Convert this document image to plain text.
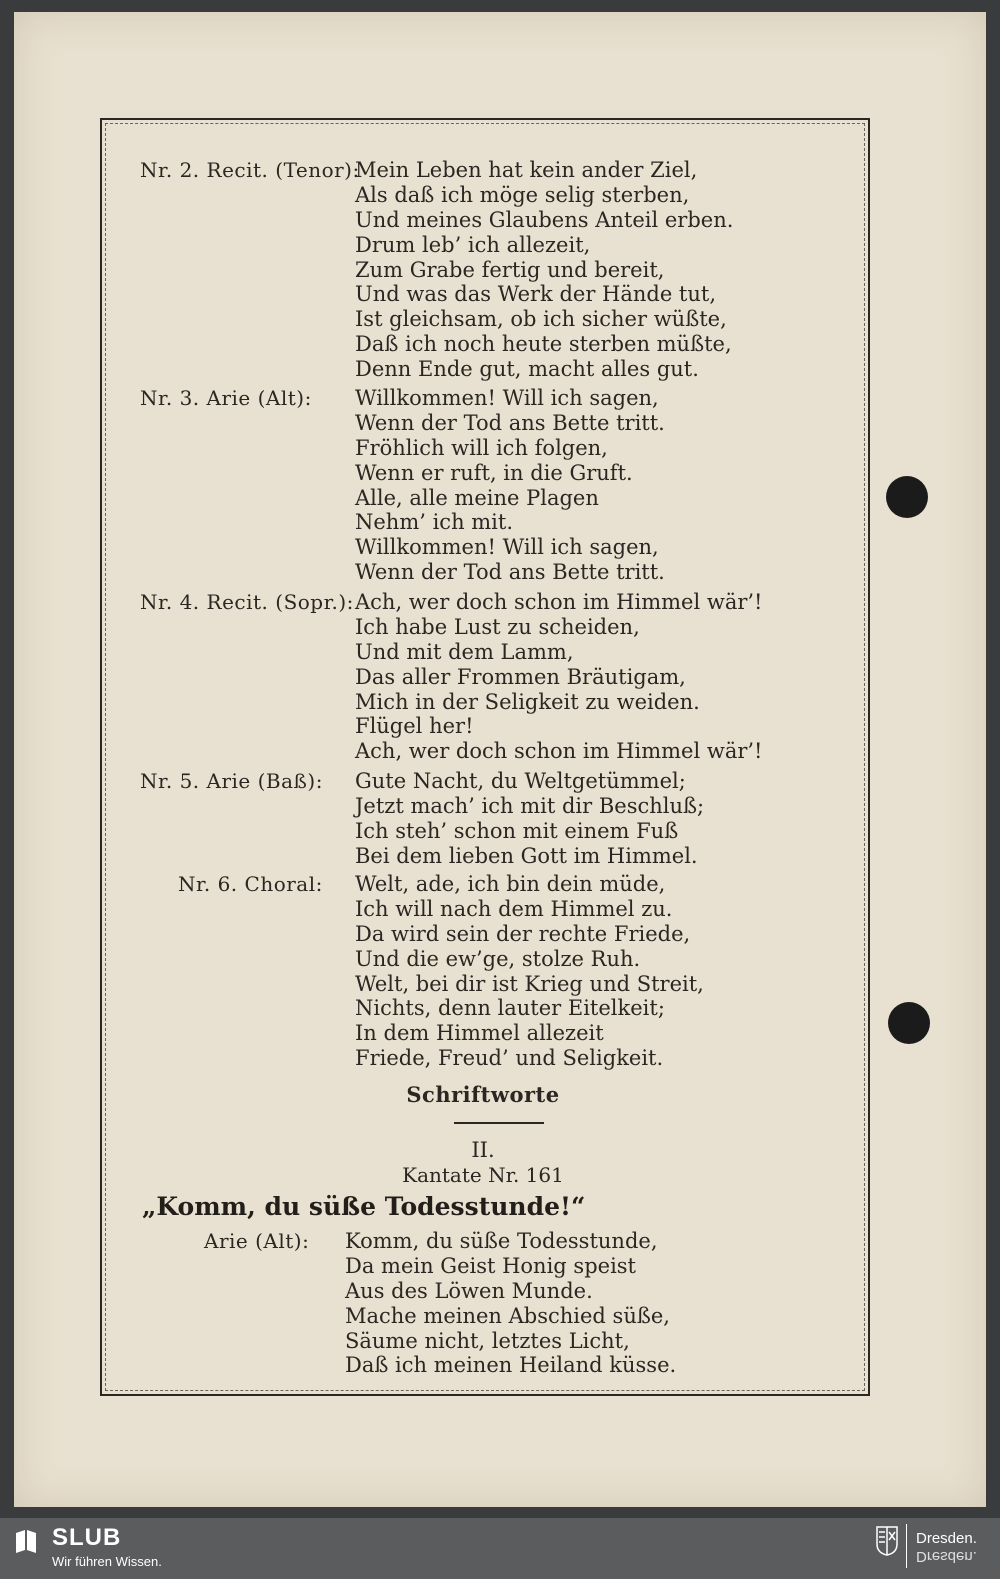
Nr. 2. Recit. (Tenor):
Mein Leben hat kein ander Ziel,
Als daß ich möge selig sterben,
Und meines Glaubens Anteil erben.
Drum leb’ ich allezeit,
Zum Grabe fertig und bereit,
Und was das Werk der Hände tut,
Ist gleichsam, ob ich sicher wüßte,
Daß ich noch heute sterben müßte,
Denn Ende gut, macht alles gut.
Nr. 3. Arie (Alt): Willkommen! Will ich sagen,
Wenn der Tod ans Bette tritt.
Fröhlich will ich folgen,
Wenn er ruft, in die Gruft.
Alle, alle meine Plagen
Nehm’ ich mit.
Willkommen! Will ich sagen,
Wenn der Tod ans Bette tritt.
Nr. 4. Recit. (Sopr.): Ach, wer doch schon im Himmel wär’!
Ich habe Lust zu scheiden,
Und mit dem Lamm,
Das aller Frommen Bräutigam,
Mich in der Seligkeit zu weiden.
Flügel her!
Ach, wer doch schon im Himmel wär’!
Nr. 5. Arie (Baß): Gute Nacht, du Weltgetümmel;
Jetzt mach’ ich mit dir Beschluß;
Ich steh’ schon mit einem Fuß
Bei dem lieben Gott im Himmel.
Nr. 6. Choral: Welt, ade, ich bin dein müde,
Ich will nach dem Himmel zu.
Da wird sein der rechte Friede,
Und die ew’ge, stolze Ruh.
Welt, bei dir ist Krieg und Streit,
Nichts, denn lauter Eitelkeit;
In dem Himmel allezeit
Friede, Freud’ und Seligkeit.
Schriftworte
II.
Kantate Nr. 161
„Komm, du süße Todesstunde!“
Arie (Alt): Komm, du süße Todesstunde,
Da mein Geist Honig speist
Aus des Löwen Munde.
Mache meinen Abschied süße,
Säume nicht, letztes Licht,
Daß ich meinen Heiland küsse.
SLUB
Wir führen Wissen.
Dresden.
Dresden.
